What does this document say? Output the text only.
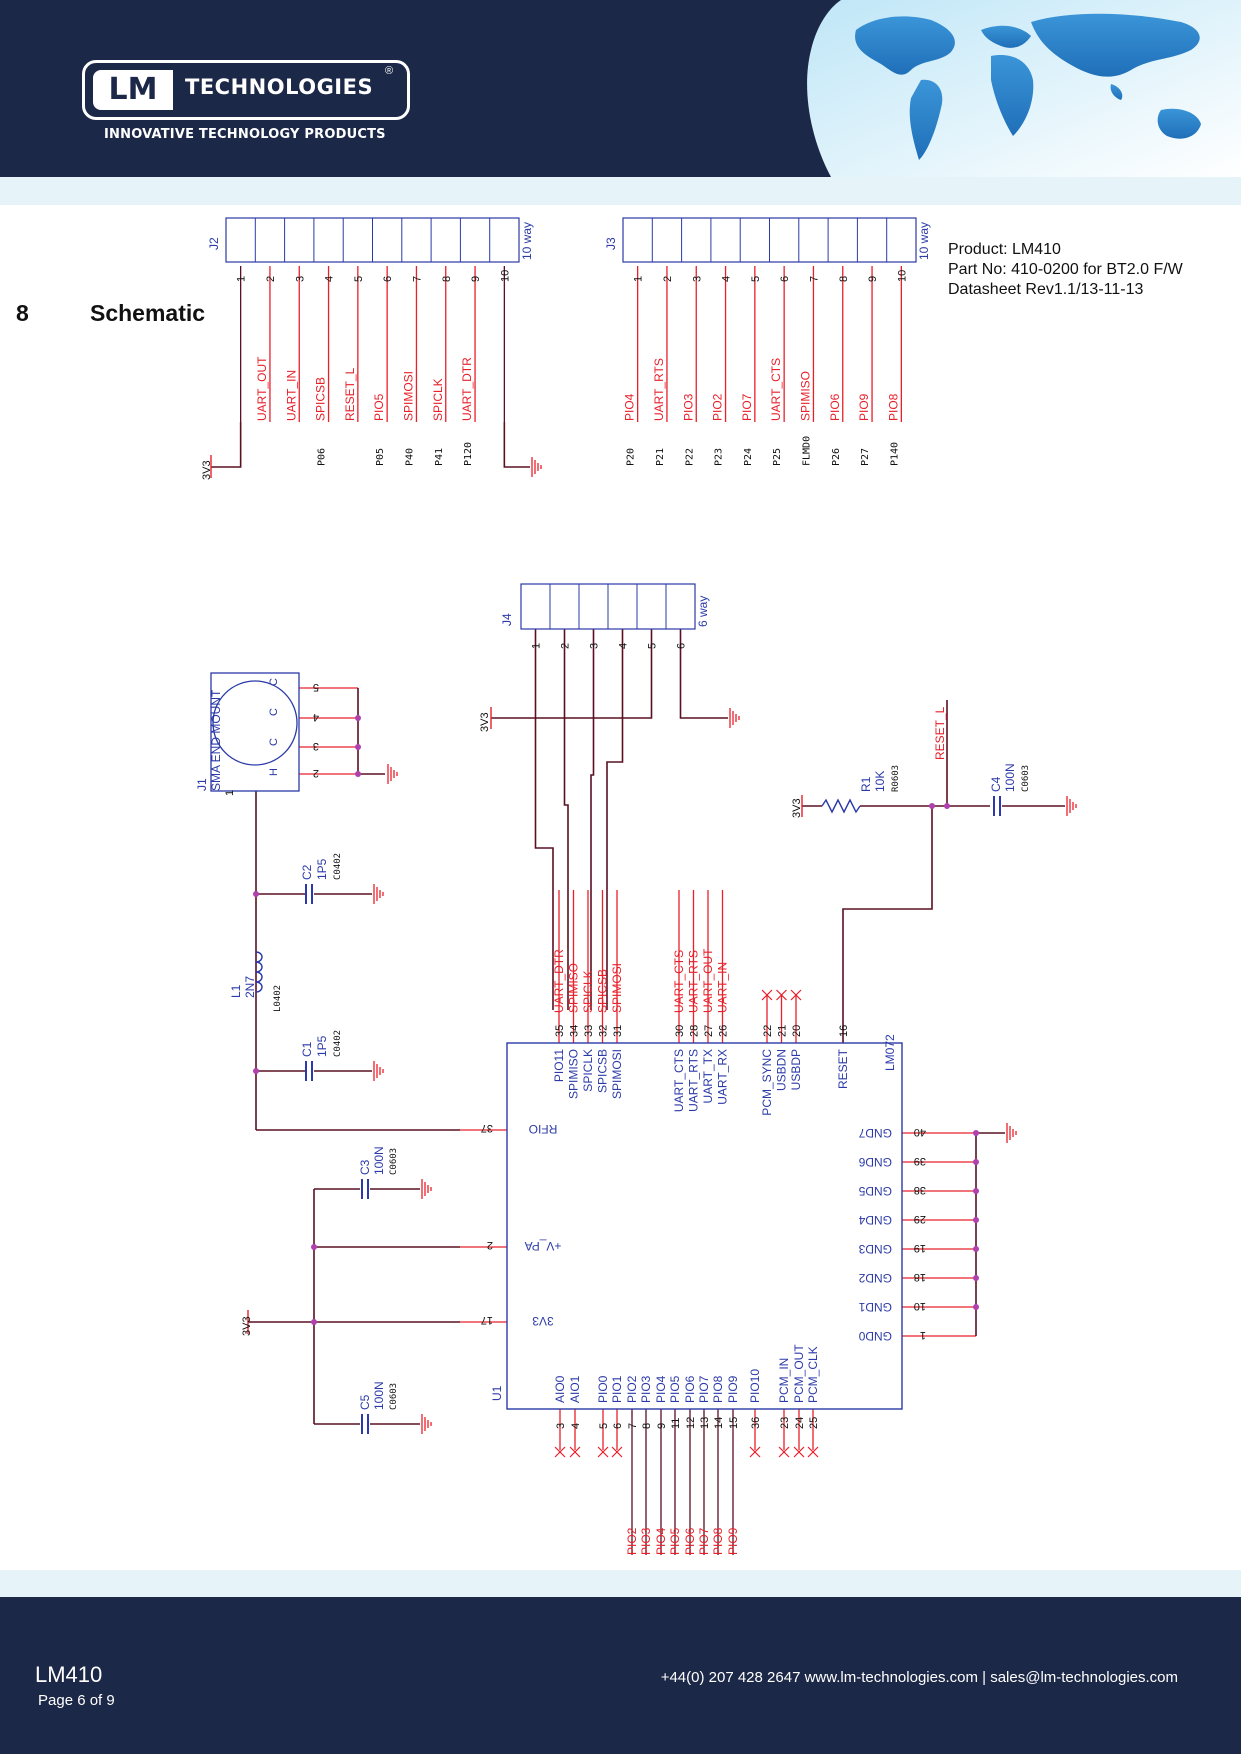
LM	TECHNOLOGIES
®
INNOVATIVE TECHNOLOGY PRODUCTS
8	Schematic
Product: LM410
Part No: 410-0200 for BT2.0 F/W
Datasheet Rev1.1/13-11-13
J2	10 way
1 2
UART_OUT
3
UART_IN
4
SPICSB
P06
5
RESET_L
6
PIO5
P05
7
SPIMOSI
P40
8
SPICLK
P41
9
UART_DTR
P120
10
J3	10 way
1
PIO4
P20
2
UART_RTS
P21
3
PIO3
P22
4
PIO2
P23
5
PIO7
P24
6
UART_CTS
P25
7
SPIMISO
FLMD0
8
PIO6
P26
9
PIO9
P27
10
PIO8
P140
3V3
J4	6 way
1 2 3 4 5 6
3V3
U1
LM072
35
PIO11
UART_DTR
34
SPIMISO
SPIMISO
33
SPICLK
SPICLK
32
SPICSB
SPICSB
31
SPIMOSI
SPIMOSI
30
UART_CTS
UART_CTS
28
UART_RTS
UART_RTS
27
UART_TX
UART_OUT
26
UART_RX
UART_IN
22
PCM_SYNC
21
USBDN
20
USBDP
16
RESET
37	RFIO
2	+V_PA
17	3V3
40
GND7
39
GND6
38
GND5
29
GND4
19
GND3
18
GND2
10
GND1
1
GND0
3
AIO0
4
AIO1
5
PIO0
6
PIO1
7
PIO2
PIO2
8
PIO3
PIO3
9
PIO4
PIO4
11
PIO5
PIO5
12
PIO6
PIO6
13
PIO7
PIO7
14
PIO8
PIO8
15
PIO9
PIO9
36
PIO10
23
PCM_IN
24
PCM_OUT
25
PCM_CLK
C
C
C
H
J1 SMA END MOUNT	2
3
4
5
1
C2 1P5 C0402
L1 2N7 L0402
C1 1P5 C0402
C3 100N C0603
3V3
C5 100N C0603
3V3
R1 10K R0603
RESET_L
C4 100N C0603
LM410
Page 6 of 9
+44(0) 207 428 2647 www.lm-technologies.com | sales@lm-technologies.com
